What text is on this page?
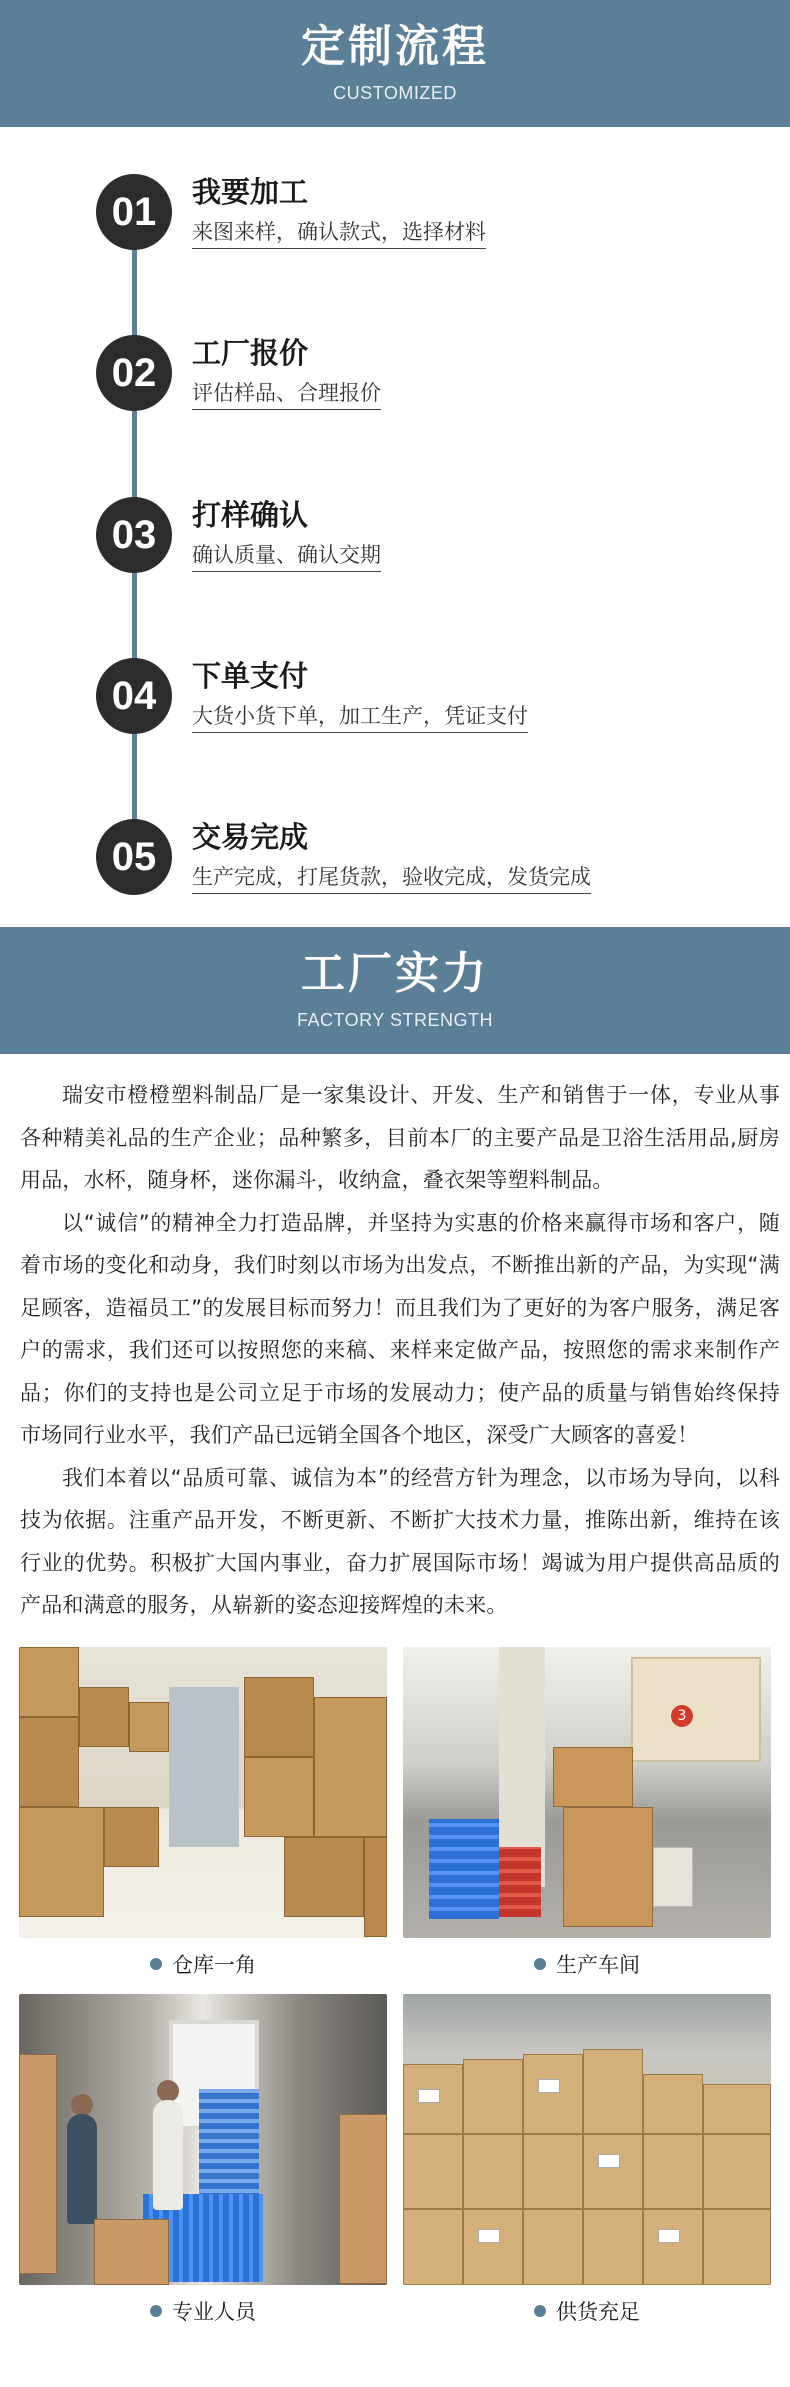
定制流程
CUSTOMIZED
01	我要加工
来图来样，确认款式，选择材料
02	工厂报价
评估样品、合理报价
03	打样确认
确认质量、确认交期
04	下单支付
大货小货下单，加工生产，凭证支付
05	交易完成
生产完成，打尾货款，验收完成，发货完成
工厂实力
FACTORY STRENGTH

瑞安市橙橙塑料制品厂是一家集设计、开发、生产和销售于一体，专业从事各种精美礼品的生产企业；品种繁多，目前本厂的主要产品是卫浴生活用品,厨房用品，水杯，随身杯，迷你漏斗，收纳盒，叠衣架等塑料制品。

以“诚信”的精神全力打造品牌，并坚持为实惠的价格来赢得市场和客户，随着市场的变化和动身，我们时刻以市场为出发点，不断推出新的产品，为实现“满足顾客，造福员工”的发展目标而努力！而且我们为了更好的为客户服务，满足客户的需求，我们还可以按照您的来稿、来样来定做产品，按照您的需求来制作产品；你们的支持也是公司立足于市场的发展动力；使产品的质量与销售始终保持市场同行业水平，我们产品已远销全国各个地区，深受广大顾客的喜爱！

我们本着以“品质可靠、诚信为本”的经营方针为理念，以市场为导向，以科技为依据。注重产品开发，不断更新、不断扩大技术力量，推陈出新，维持在该行业的优势。积极扩大国内事业，奋力扩展国际市场！竭诚为用户提供高品质的产品和满意的服务，从崭新的姿态迎接辉煌的未来。

仓库一角
3
生产车间
专业人员	供货充足
